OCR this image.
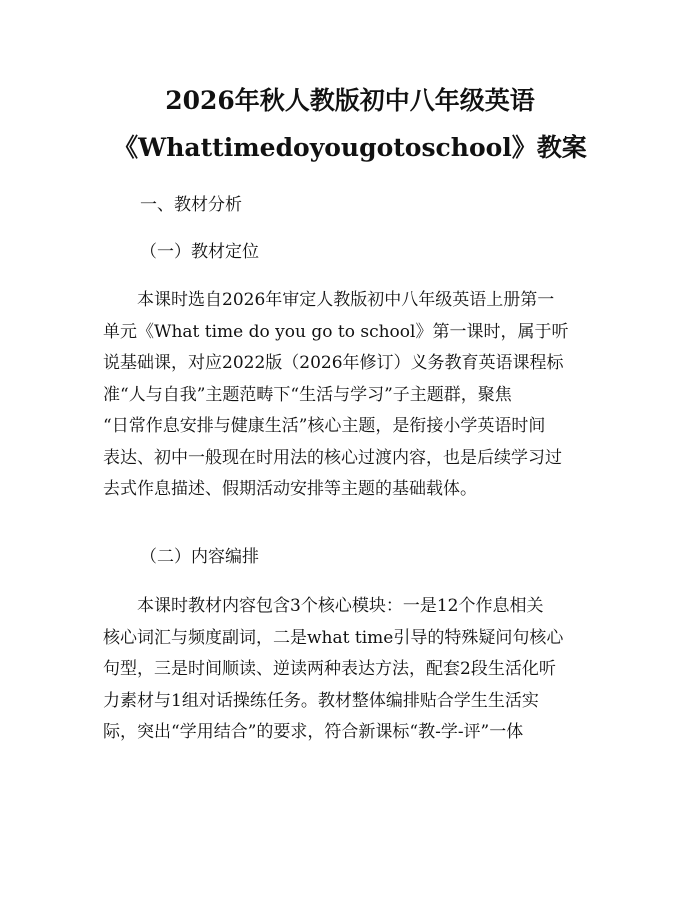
2026年秋人教版初中八年级英语
《Whattimedoyougotoschool》教案
一、教材分析
（一）教材定位
　　本课时选自2026年审定人教版初中八年级英语上册第一
单元《What time do you go to school》第一课时，属于听
说基础课，对应2022版（2026年修订）义务教育英语课程标
准“人与自我”主题范畴下“生活与学习”子主题群，聚焦
“日常作息安排与健康生活”核心主题，是衔接小学英语时间
表达、初中一般现在时用法的核心过渡内容，也是后续学习过
去式作息描述、假期活动安排等主题的基础载体。
（二）内容编排
　　本课时教材内容包含3个核心模块：一是12个作息相关
核心词汇与频度副词，二是what time引导的特殊疑问句核心
句型，三是时间顺读、逆读两种表达方法，配套2段生活化听
力素材与1组对话操练任务。教材整体编排贴合学生生活实
际，突出“学用结合”的要求，符合新课标“教-学-评”一体
